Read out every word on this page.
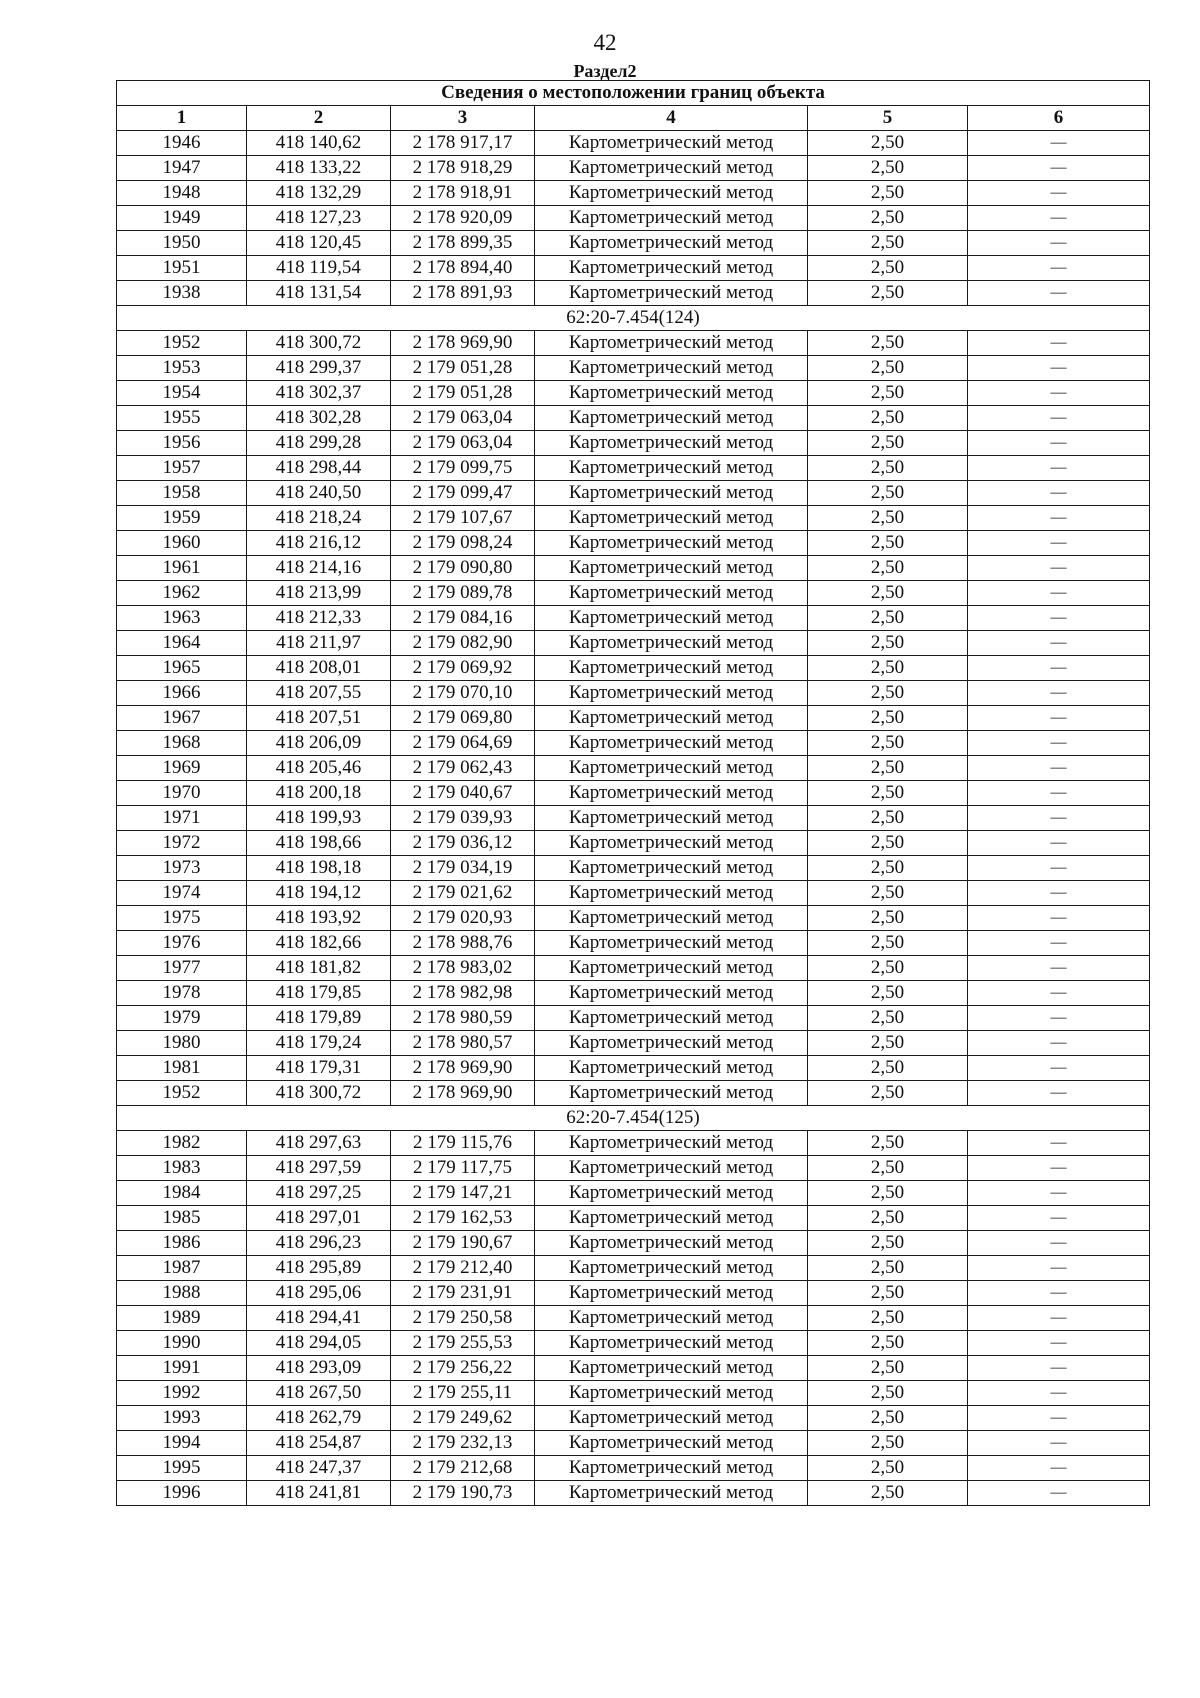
42
Раздел2
Сведения о местоположении границ объекта					
1	2	3	4	5	6
1946	418 140,62	2 178 917,17	Картометрический метод	2,50	—
1947	418 133,22	2 178 918,29	Картометрический метод	2,50	—
1948	418 132,29	2 178 918,91	Картометрический метод	2,50	—
1949	418 127,23	2 178 920,09	Картометрический метод	2,50	—
1950	418 120,45	2 178 899,35	Картометрический метод	2,50	—
1951	418 119,54	2 178 894,40	Картометрический метод	2,50	—
1938	418 131,54	2 178 891,93	Картометрический метод	2,50	—
62:20-7.454(124)					
1952	418 300,72	2 178 969,90	Картометрический метод	2,50	—
1953	418 299,37	2 179 051,28	Картометрический метод	2,50	—
1954	418 302,37	2 179 051,28	Картометрический метод	2,50	—
1955	418 302,28	2 179 063,04	Картометрический метод	2,50	—
1956	418 299,28	2 179 063,04	Картометрический метод	2,50	—
1957	418 298,44	2 179 099,75	Картометрический метод	2,50	—
1958	418 240,50	2 179 099,47	Картометрический метод	2,50	—
1959	418 218,24	2 179 107,67	Картометрический метод	2,50	—
1960	418 216,12	2 179 098,24	Картометрический метод	2,50	—
1961	418 214,16	2 179 090,80	Картометрический метод	2,50	—
1962	418 213,99	2 179 089,78	Картометрический метод	2,50	—
1963	418 212,33	2 179 084,16	Картометрический метод	2,50	—
1964	418 211,97	2 179 082,90	Картометрический метод	2,50	—
1965	418 208,01	2 179 069,92	Картометрический метод	2,50	—
1966	418 207,55	2 179 070,10	Картометрический метод	2,50	—
1967	418 207,51	2 179 069,80	Картометрический метод	2,50	—
1968	418 206,09	2 179 064,69	Картометрический метод	2,50	—
1969	418 205,46	2 179 062,43	Картометрический метод	2,50	—
1970	418 200,18	2 179 040,67	Картометрический метод	2,50	—
1971	418 199,93	2 179 039,93	Картометрический метод	2,50	—
1972	418 198,66	2 179 036,12	Картометрический метод	2,50	—
1973	418 198,18	2 179 034,19	Картометрический метод	2,50	—
1974	418 194,12	2 179 021,62	Картометрический метод	2,50	—
1975	418 193,92	2 179 020,93	Картометрический метод	2,50	—
1976	418 182,66	2 178 988,76	Картометрический метод	2,50	—
1977	418 181,82	2 178 983,02	Картометрический метод	2,50	—
1978	418 179,85	2 178 982,98	Картометрический метод	2,50	—
1979	418 179,89	2 178 980,59	Картометрический метод	2,50	—
1980	418 179,24	2 178 980,57	Картометрический метод	2,50	—
1981	418 179,31	2 178 969,90	Картометрический метод	2,50	—
1952	418 300,72	2 178 969,90	Картометрический метод	2,50	—
62:20-7.454(125)					
1982	418 297,63	2 179 115,76	Картометрический метод	2,50	—
1983	418 297,59	2 179 117,75	Картометрический метод	2,50	—
1984	418 297,25	2 179 147,21	Картометрический метод	2,50	—
1985	418 297,01	2 179 162,53	Картометрический метод	2,50	—
1986	418 296,23	2 179 190,67	Картометрический метод	2,50	—
1987	418 295,89	2 179 212,40	Картометрический метод	2,50	—
1988	418 295,06	2 179 231,91	Картометрический метод	2,50	—
1989	418 294,41	2 179 250,58	Картометрический метод	2,50	—
1990	418 294,05	2 179 255,53	Картометрический метод	2,50	—
1991	418 293,09	2 179 256,22	Картометрический метод	2,50	—
1992	418 267,50	2 179 255,11	Картометрический метод	2,50	—
1993	418 262,79	2 179 249,62	Картометрический метод	2,50	—
1994	418 254,87	2 179 232,13	Картометрический метод	2,50	—
1995	418 247,37	2 179 212,68	Картометрический метод	2,50	—
1996	418 241,81	2 179 190,73	Картометрический метод	2,50	—
